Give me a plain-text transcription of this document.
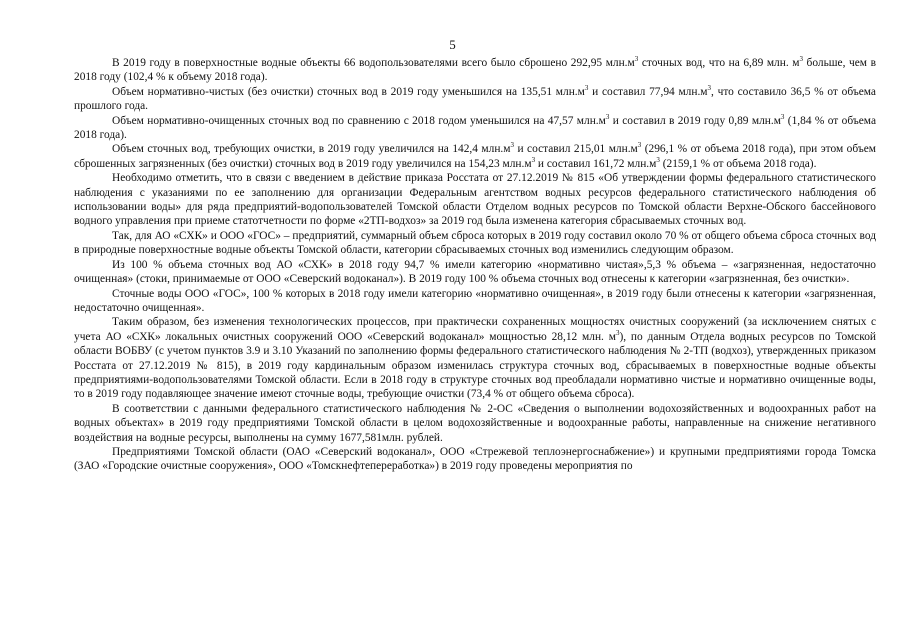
5

В 2019 году в поверхностные водные объекты 66 водопользователями всего было сброшено 292,95 $млн.м^3$ сточных вод, что на 6,89 млн. $м^3$ больше, чем в 2018 году (102,4 % к объему 2018 года).

Объем нормативно-чистых (без очистки) сточных вод в 2019 году уменьшился на 135,51 $млн.м^3$ и составил 77,94 $млн.м^3$, что составило 36,5 % от объема прошлого года.

Объем нормативно-очищенных сточных вод по сравнению с 2018 годом уменьшился на 47,57 $млн.м^3$ и составил в 2019 году 0,89 $млн.м^3$ (1,84 % от объема 2018 года).

Объем сточных вод, требующих очистки, в 2019 году увеличился на 142,4 $млн.м^3$ и составил 215,01 $млн.м^3$ (296,1 % от объема 2018 года), при этом объем сброшенных загрязненных (без очистки) сточных вод в 2019 году увеличился на 154,23 $млн.м^3$ и составил 161,72 $млн.м^3$ (2159,1 % от объема 2018 года).

Необходимо отметить, что в связи с введением в действие приказа Росстата от 27.12.2019 № 815 «Об утверждении формы федерального статистического наблюдения с указаниями по ее заполнению для организации Федеральным агентством водных ресурсов федерального статистического наблюдения об использовании воды» для ряда предприятий-водопользователей Томской области Отделом водных ресурсов по Томской области Верхне-Обского бассейнового водного управления при приеме статотчетности по форме «2ТП-водхоз» за 2019 год была изменена категория сбрасываемых сточных вод.

Так, для АО «СХК» и ООО «ГОС» – предприятий, суммарный объем сброса которых в 2019 году составил около 70 % от общего объема сброса сточных вод в природные поверхностные водные объекты Томской области, категории сбрасываемых сточных вод изменились следующим образом.

Из 100 % объема сточных вод АО «СХК» в 2018 году 94,7 % имели категорию «нормативно чистая»,5,3 % объема – «загрязненная, недостаточно очищенная» (стоки, принимаемые от ООО «Северский водоканал»). В 2019 году 100 % объема сточных вод отнесены к категории «загрязненная, без очистки».

Сточные воды ООО «ГОС», 100 % которых в 2018 году имели категорию «нормативно очищенная», в 2019 году были отнесены к категории «загрязненная, недостаточно очищенная».

Таким образом, без изменения технологических процессов, при практически сохраненных мощностях очистных сооружений (за исключением снятых с учета АО «СХК» локальных очистных сооружений ООО «Северский водоканал» мощностью 28,12 млн. $м^3$), по данным Отдела водных ресурсов по Томской области ВОБВУ (с учетом пунктов 3.9 и 3.10 Указаний по заполнению формы федерального статистического наблюдения № 2-ТП (водхоз), утвержденных приказом Росстата от 27.12.2019 № 815), в 2019 году кардинальным образом изменилась структура сточных вод, сбрасываемых в поверхностные водные объекты предприятиями-водопользователями Томской области. Если в 2018 году в структуре сточных вод преобладали нормативно чистые и нормативно очищенные воды, то в 2019 году подавляющее значение имеют сточные воды, требующие очистки (73,4 % от общего объема сброса).

В соответствии с данными федерального статистического наблюдения № 2-ОС «Сведения о выполнении водохозяйственных и водоохранных работ на водных объектах» в 2019 году предприятиями Томской области в целом водохозяйственные и водоохранные работы, направленные на снижение негативного воздействия на водные ресурсы, выполнены на сумму 1677,581млн. рублей.

Предприятиями Томской области (ОАО «Северский водоканал», ООО «Стрежевой теплоэнергоснабжение») и крупными предприятиями города Томска (ЗАО «Городские очистные сооружения», ООО «Томскнефтепереработка») в 2019 году проведены мероприятия по
